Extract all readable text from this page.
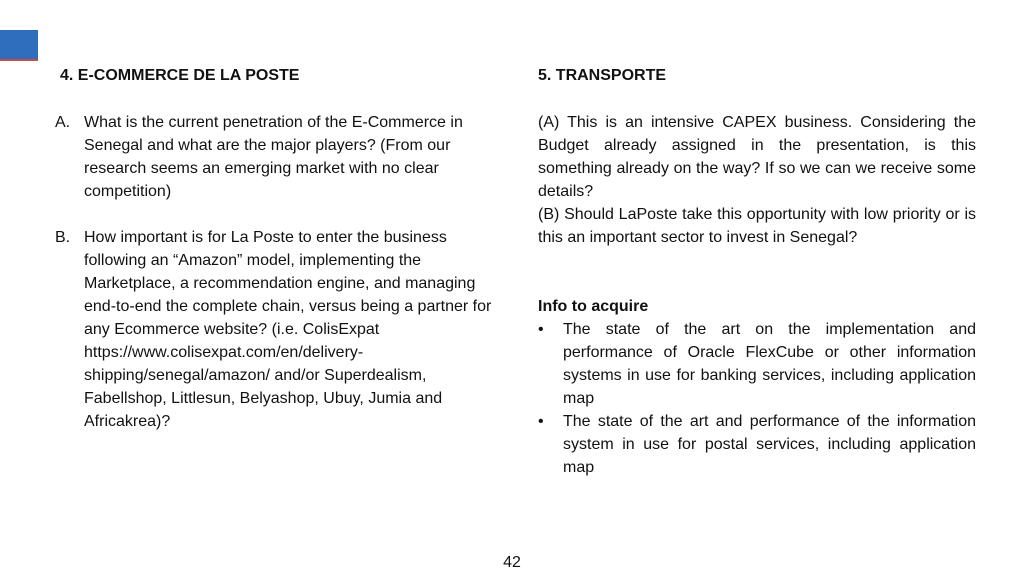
4. E-COMMERCE DE LA POSTE

A. What is the current penetration of the E-Commerce in Senegal and what are the major players? (From our research seems an emerging market with no clear competition)

B. How important is for La Poste to enter the business following an “Amazon” model, implementing the Marketplace, a recommendation engine, and managing end-to-end the complete chain, versus being a partner for any Ecommerce website? (i.e. ColisExpat https://www.colisexpat.com/en/delivery-shipping/senegal/amazon/ and/or Superdealism, Fabellshop, Littlesun, Belyashop, Ubuy, Jumia and Africakrea)?

5. TRANSPORTE

(A) This is an intensive CAPEX business. Considering the Budget already assigned in the presentation, is this something already on the way? If so we can we receive some details?

(B) Should LaPoste take this opportunity with low priority or is this an important sector to invest in Senegal?

Info to acquire

•	The state of the art on the implementation and performance of Oracle FlexCube or other information systems in use for banking services, including application map

•	The state of the art and performance of the information system in use for postal services, including application map

42
